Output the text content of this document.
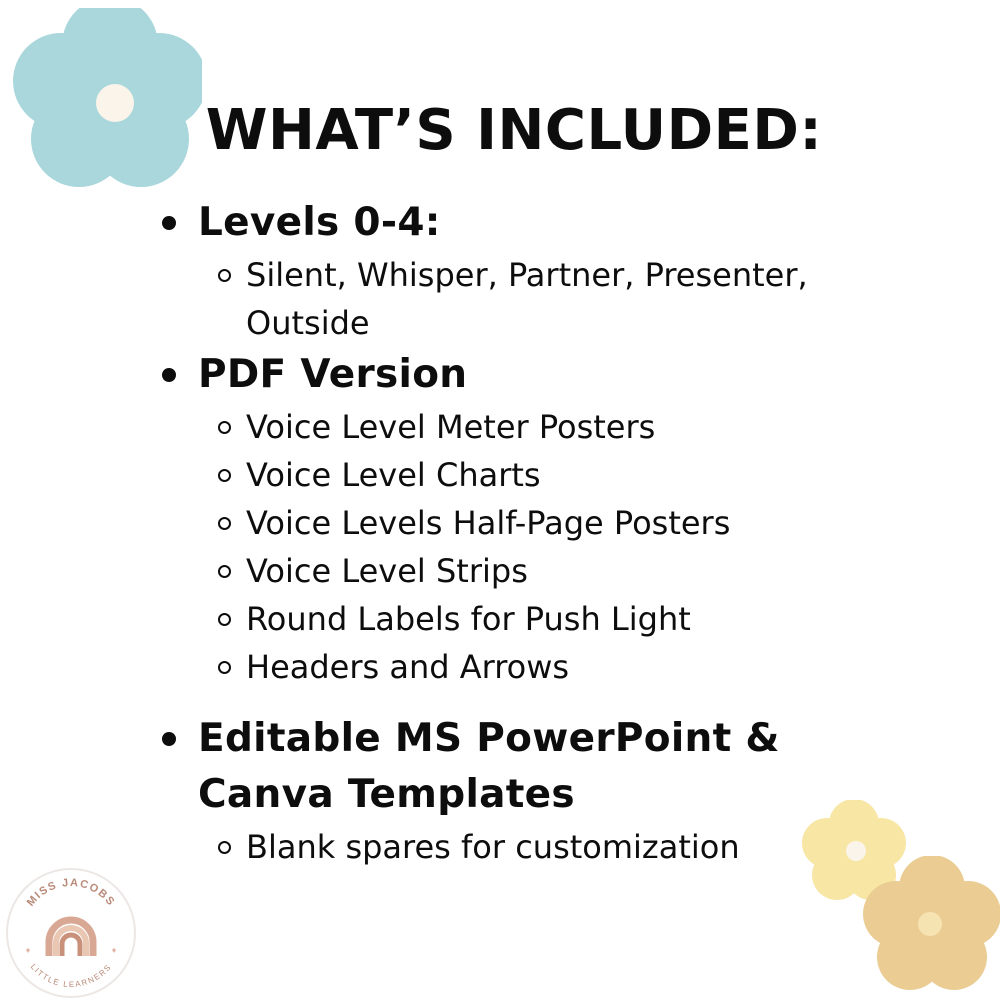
WHAT’S INCLUDED:
Levels 0-4:
Silent, Whisper, Partner, Presenter, Outside
PDF Version
Voice Level Meter Posters
Voice Level Charts
Voice Levels Half-Page Posters
Voice Level Strips
Round Labels for Push Light
Headers and Arrows
Editable MS PowerPoint & Canva Templates
Blank spares for customization
MISS JACOBS
LITTLE LEARNERS
